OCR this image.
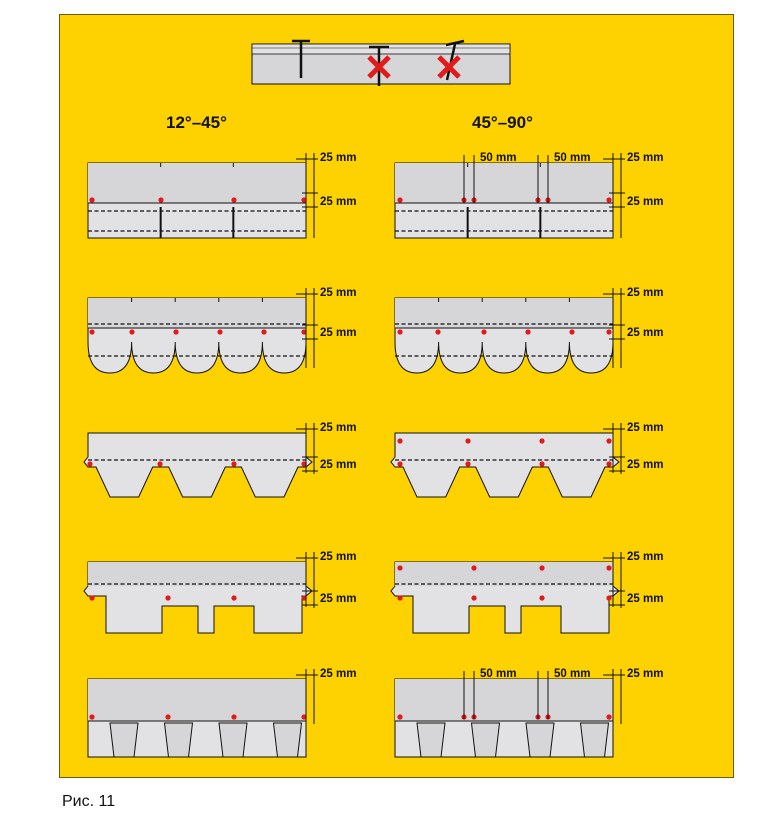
25 mm
25 mm
25 mm
25 mm
50 mm	50 mm
25 mm
25 mm
25 mm
25 mm
25 mm
25 mm
25 mm
25 mm
25 mm
25 mm
25 mm
25 mm
25 mm	25 mm
50 mm	50 mm
12°–45°	45°–90°
Рис. 11
